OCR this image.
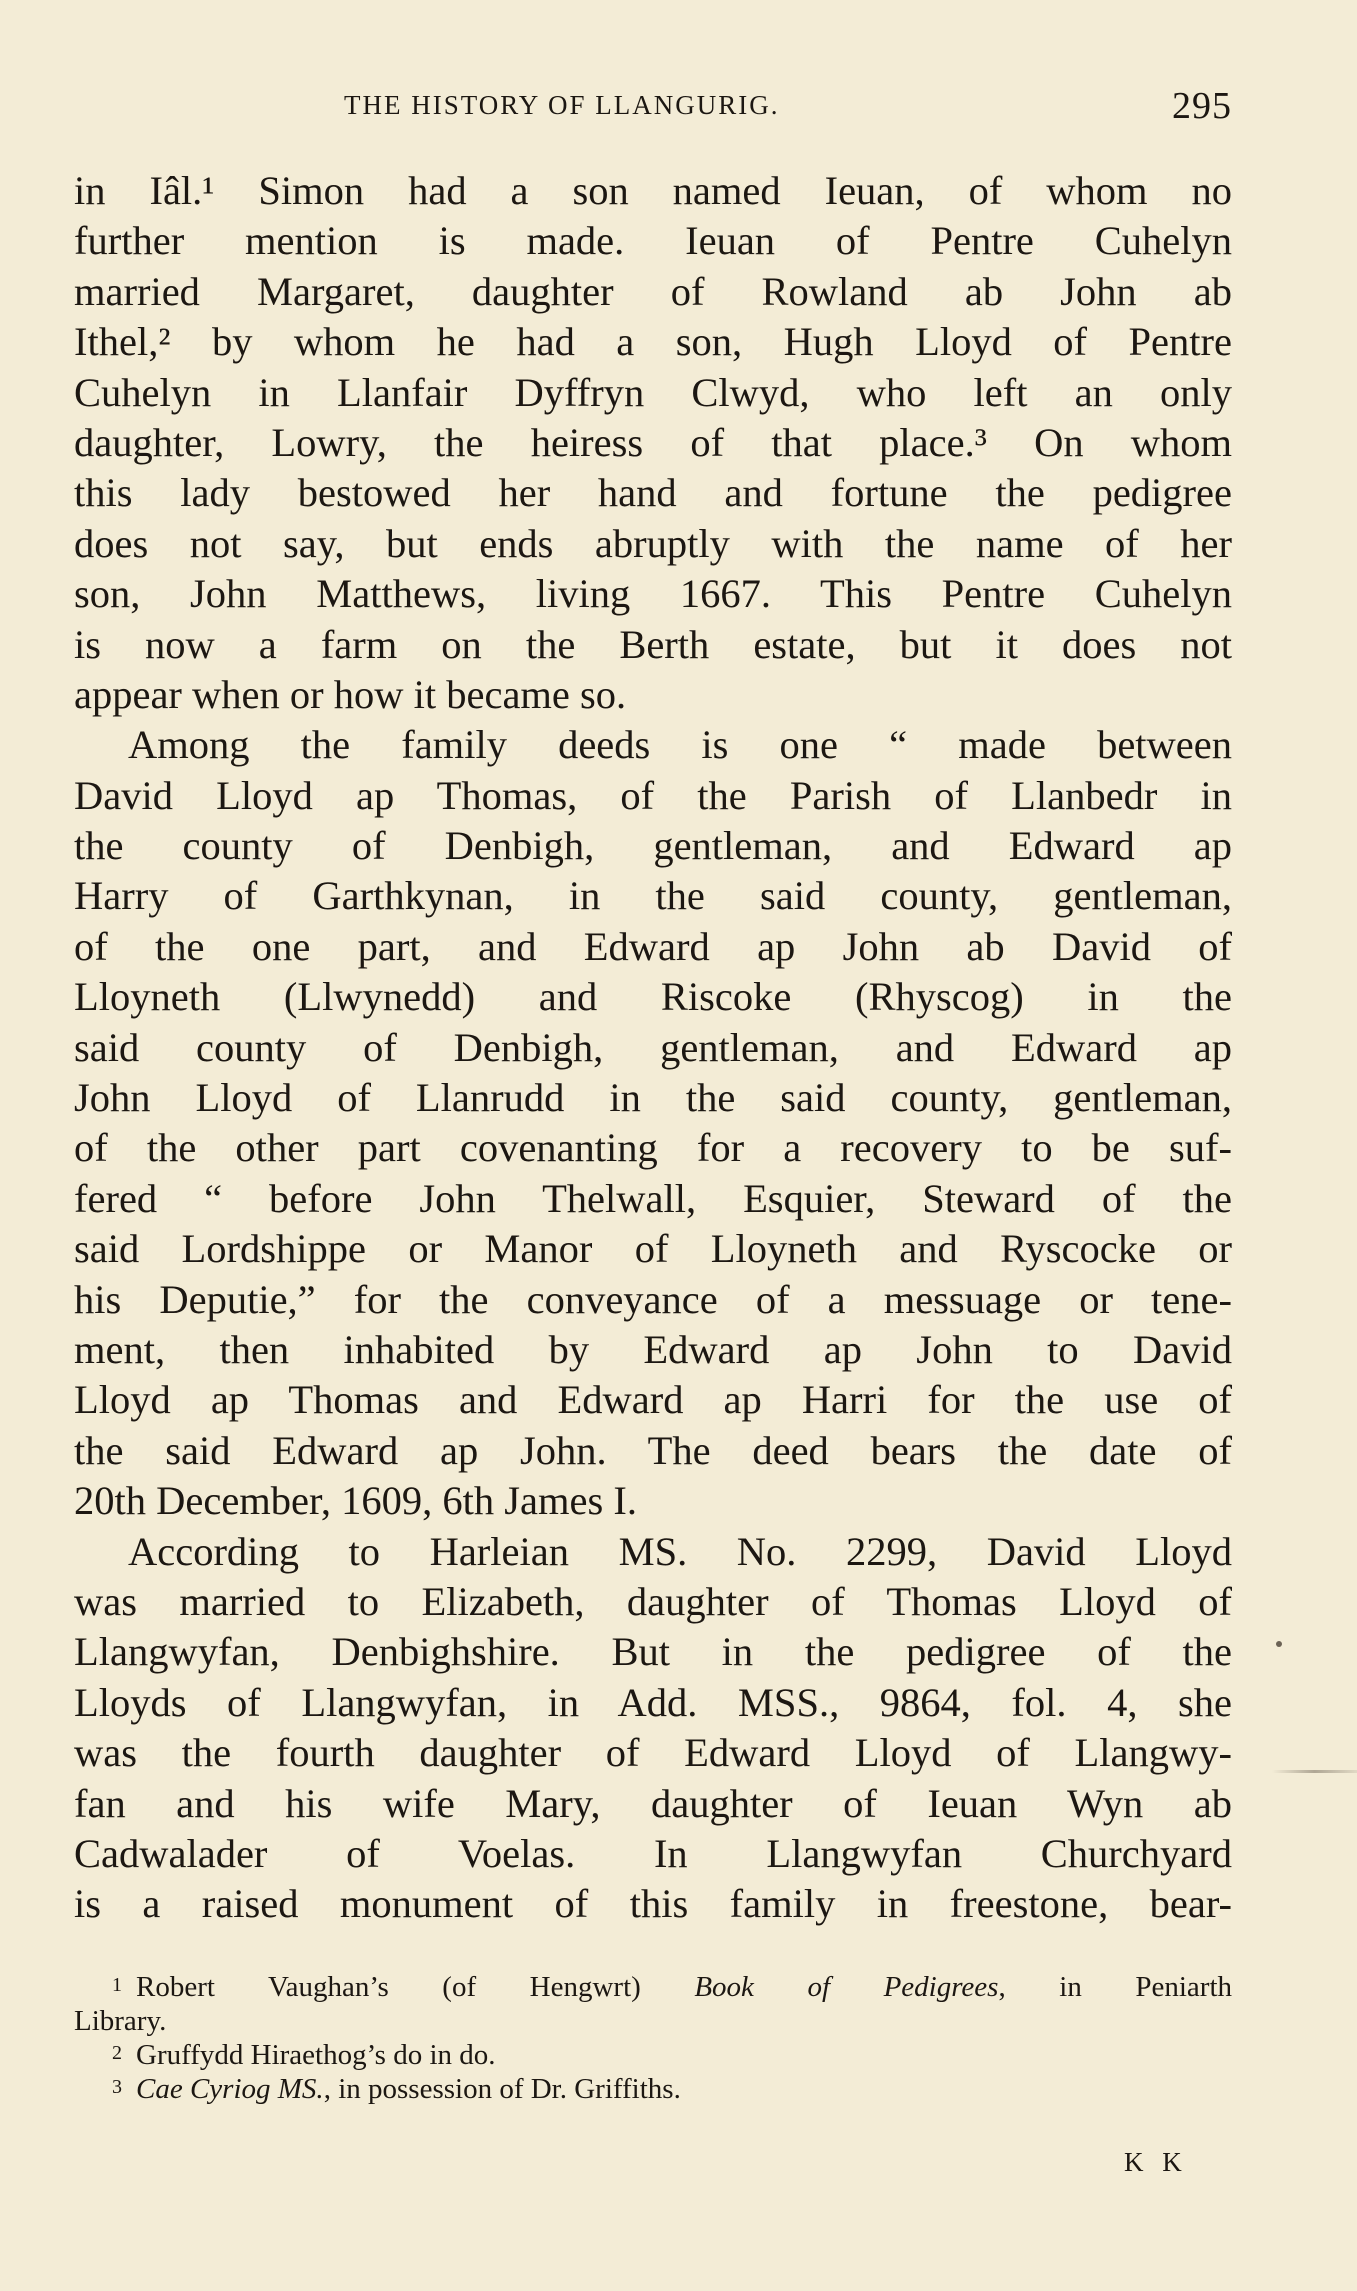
THE HISTORY OF LLANGURIG.	295
in Iâl.¹ Simon had a son named Ieuan, of whom no
further mention is made. Ieuan of Pentre Cuhelyn
married Margaret, daughter of Rowland ab John ab
Ithel,² by whom he had a son, Hugh Lloyd of Pentre
Cuhelyn in Llanfair Dyffryn Clwyd, who left an only
daughter, Lowry, the heiress of that place.³ On whom
this lady bestowed her hand and fortune the pedigree
does not say, but ends abruptly with the name of her
son, John Matthews, living 1667. This Pentre Cuhelyn
is now a farm on the Berth estate, but it does not
appear when or how it became so.
Among the family deeds is one “ made between
David Lloyd ap Thomas, of the Parish of Llanbedr in
the county of Denbigh, gentleman, and Edward ap
Harry of Garthkynan, in the said county, gentleman,
of the one part, and Edward ap John ab David of
Lloyneth (Llwynedd) and Riscoke (Rhyscog) in the
said county of Denbigh, gentleman, and Edward ap
John Lloyd of Llanrudd in the said county, gentleman,
of the other part covenanting for a recovery to be suf-
fered “ before John Thelwall, Esquier, Steward of the
said Lordshippe or Manor of Lloyneth and Ryscocke or
his Deputie,” for the conveyance of a messuage or tene-
ment, then inhabited by Edward ap John to David
Lloyd ap Thomas and Edward ap Harri for the use of
the said Edward ap John. The deed bears the date of
20th December, 1609, 6th James I.
According to Harleian MS. No. 2299, David Lloyd
was married to Elizabeth, daughter of Thomas Lloyd of
Llangwyfan, Denbighshire. But in the pedigree of the
Lloyds of Llangwyfan, in Add. MSS., 9864, fol. 4, she
was the fourth daughter of Edward Lloyd of Llangwy-
fan and his wife Mary, daughter of Ieuan Wyn ab
Cadwalader of Voelas. In Llangwyfan Churchyard
is a raised monument of this family in freestone, bear-
$^1$ Robert Vaughan’s (of Hengwrt) Book of Pedigrees, in Peniarth
Library.
$^2$ Gruffydd Hiraethog’s do in do.
$^3$ Cae Cyriog MS., in possession of Dr. Griffiths.
K K
